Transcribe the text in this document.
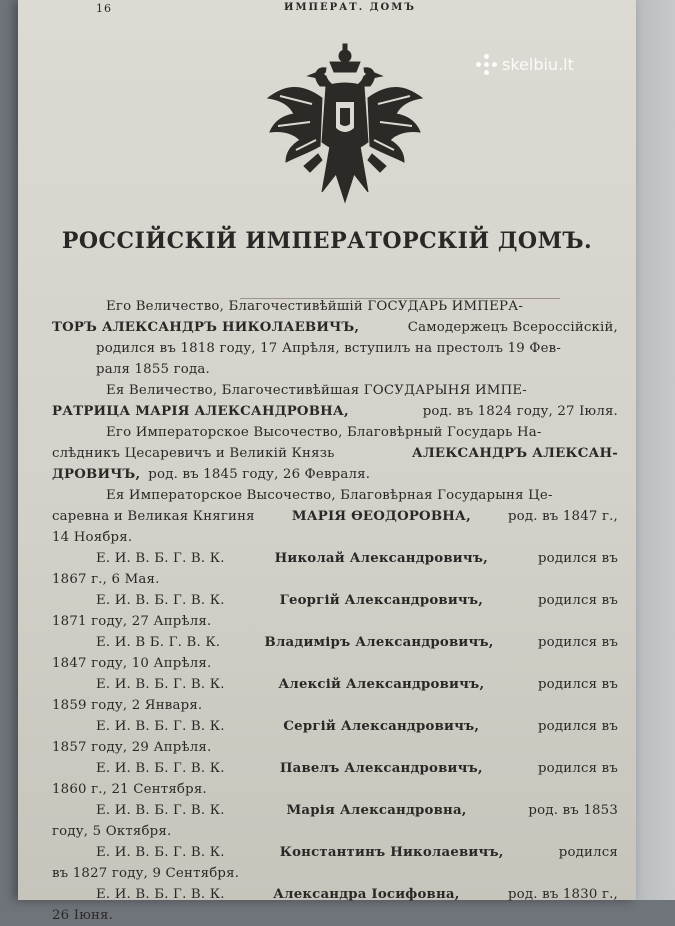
16	ИМПЕРАТ. ДОМЪ
skelbiu.lt
РОССІЙСКІЙ ИМПЕРАТОРСКІЙ ДОМЪ.

Его Величество, Благочестивѣйшій ГОСУДАРЬ ИМПЕРА-

ТОРЪ АЛЕКСАНДРЪ НИКОЛАЕВИЧЪ,	Самодержецъ Всероссійскій,

родился въ 1818 году, 17 Апрѣля, вступилъ на престолъ 19 Фев-

раля 1855 года.

Ея Величество, Благочестивѣйшая ГОСУДАРЫНЯ ИМПЕ-

РАТРИЦА МАРІЯ АЛЕКСАНДРОВНА,	род. въ 1824 году, 27 Іюля.

Его Императорское Высочество, Благовѣрный Государь На-

слѣдникъ Цесаревичъ и Великій Князь	АЛЕКСАНДРЪ АЛЕКСАН-
ДРОВИЧЪ, род. въ 1845 году, 26 Февраля.

Ея Императорское Высочество, Благовѣрная Государыня Це-

саревна и Великая Княгиня	МАРІЯ ѲЕОДОРОВНА,	род. въ 1847 г.,

14 Ноября.

Е. И. В. Б. Г. В. К.	Николай Александровичъ,	родился въ

1867 г., 6 Мая.

Е. И. В. Б. Г. В. К.	Георгій Александровичъ,	родился въ

1871 году, 27 Апрѣля.

Е. И. В Б. Г. В. К.	Владиміръ Александровичъ,	родился въ

1847 году, 10 Апрѣля.

Е. И. В. Б. Г. В. К.	Алексій Александровичъ,	родился въ

1859 году, 2 Января.

Е. И. В. Б. Г. В. К.	Сергій Александровичъ,	родился въ

1857 году, 29 Апрѣля.

Е. И. В. Б. Г. В. К.	Павелъ Александровичъ,	родился въ

1860 г., 21 Сентября.

Е. И. В. Б. Г. В. К.	Марія Александровна,	род. въ 1853

году, 5 Октября.

Е. И. В. Б. Г. В. К.	Константинъ Николаевичъ,	родился

въ 1827 году, 9 Сентября.

Е. И. В. Б. Г. В. К.	Александра Іосифовна,	род. въ 1830 г.,

26 Іюня.
